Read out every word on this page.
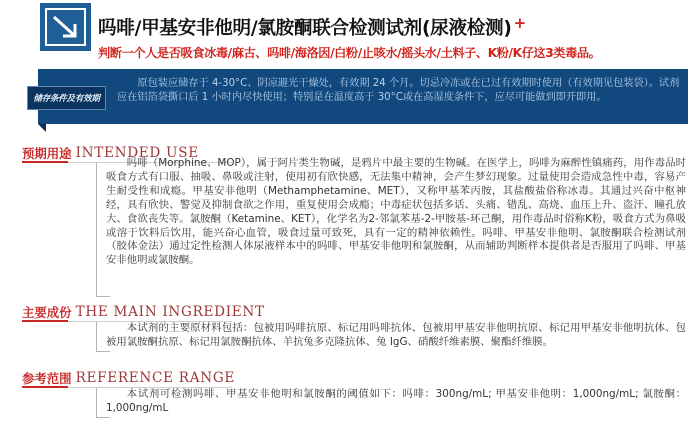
吗啡/甲基安非他明/氯胺酮联合检测试剂(尿液检测) +
判断一个人是否吸食冰毒/麻古、吗啡/海洛因/白粉/止咳水/摇头水/土料子、K粉/K仔这3类毒品。
储存条件及有效期
原包装应储存于 4-30°C、阴凉避光干燥处，有效期 24 个月。切忌冷冻或在已过有效期时使用（有效期见包装袋）。试剂应在铝箔袋撕口后 1 小时内尽快使用；特别是在温度高于 30°C或在高湿度条件下，应尽可能做到即开即用。
预期用途 INTENDED USE
吗啡（Morphine、MOP），属于阿片类生物碱，是鸦片中最主要的生物碱。在医学上，吗啡为麻醉性镇痛药，用作毒品时吸食方式有口服、抽吸、鼻吸或注射，使用初有欣快感，无法集中精神，会产生梦幻现象。过量使用会造成急性中毒，容易产生耐受性和成瘾。甲基安非他明（Methamphetamine、MET），又称甲基苯丙胺，其盐酸盐俗称冰毒。其通过兴奋中枢神经，具有欣快、警觉及抑制食欲之作用，重复使用会成瘾；中毒症状包括多话、头痛、错乱、高烧、血压上升、盗汗、瞳孔放大、食欲丧失等。氯胺酮（Ketamine、KET），化学名为2-邻氯苯基-2-甲胺基-环己酮，用作毒品时俗称K粉，吸食方式为鼻吸或溶于饮料后饮用，能兴奋心血管，吸食过量可致死，具有一定的精神依赖性。吗啡、甲基安非他明、氯胺酮联合检测试剂（胶体金法）通过定性检测人体尿液样本中的吗啡、甲基安非他明和氯胺酮，从而辅助判断样本提供者是否服用了吗啡、甲基安非他明或氯胺酮。
主要成份 THE MAIN INGREDIENT
本试剂的主要原材料包括：包被用吗啡抗原、标记用吗啡抗体、包被用甲基安非他明抗原、标记用甲基安非他明抗体、包被用氯胺酮抗原、标记用氯胺酮抗体、羊抗兔多克隆抗体、兔 IgG、硝酸纤维素膜、聚酯纤维膜。
参考范围 REFERENCE RANGE
本试剂可检测吗啡、甲基安非他明和氯胺酮的阈值如下：吗啡：300ng/mL; 甲基安非他明：1,000ng/mL; 氯胺酮：1,000ng/mL
